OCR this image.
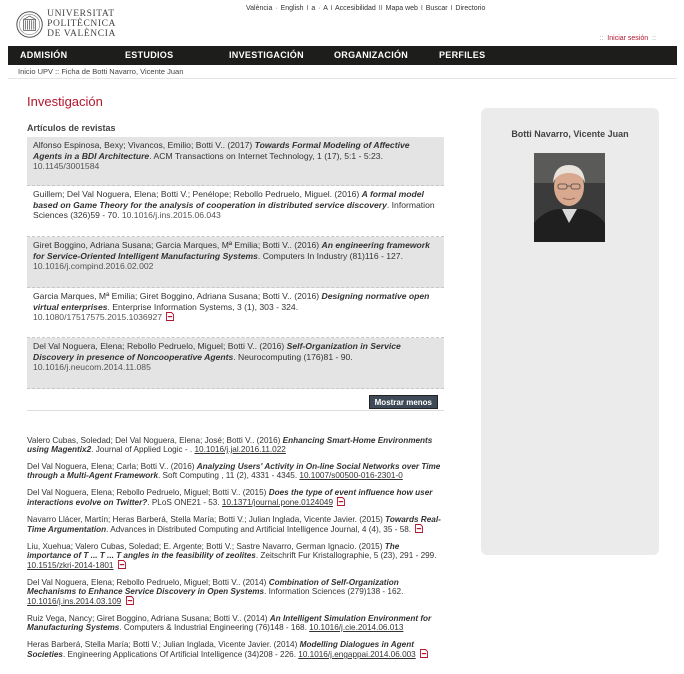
UNIVERSITAT
POLITÈCNICA
DE VALÈNCIA
València · English I a · A I Accesibilidad II Mapa web I Buscar I Directorio
:: Iniciar sesión ::
ADMISIÓN	ESTUDIOS	INVESTIGACIÓN	ORGANIZACIÓN	PERFILES
Inicio UPV :: Ficha de Botti Navarro, Vicente Juan
Investigación
Artículos de revistas
Alfonso Espinosa, Bexy; Vivancos, Emilio; Botti V.. (2017) Towards Formal Modeling of Affective Agents in a BDI Architecture. ACM Transactions on Internet Technology, 1 (17), 5:1 - 5:23.
10.1145/3001584
Guillem; Del Val Noguera, Elena; Botti V.; Penélope; Rebollo Pedruelo, Miguel. (2016) A formal model based on Game Theory for the analysis of cooperation in distributed service discovery. Information Sciences (326)59 - 70. 10.1016/j.ins.2015.06.043
Giret Boggino, Adriana Susana; Garcia Marques, Mª Emilia; Botti V.. (2016) An engineering framework for Service-Oriented Intelligent Manufacturing Systems. Computers In Industry (81)116 - 127. 10.1016/j.compind.2016.02.002
Garcia Marques, Mª Emilia; Giret Boggino, Adriana Susana; Botti V.. (2016) Designing normative open virtual enterprises. Enterprise Information Systems, 3 (1), 303 - 324.
10.1080/17517575.2015.1036927
Del Val Noguera, Elena; Rebollo Pedruelo, Miguel; Botti V.. (2016) Self-Organization in Service Discovery in presence of Noncooperative Agents. Neurocomputing (176)81 - 90.
10.1016/j.neucom.2014.11.085
Mostrar menos
Valero Cubas, Soledad; Del Val Noguera, Elena; José; Botti V.. (2016) Enhancing Smart-Home Environments using Magentix2. Journal of Applied Logic - . 10.1016/j.jal.2016.11.022
Del Val Noguera, Elena; Carla; Botti V.. (2016) Analyzing Users' Activity in On-line Social Networks over Time through a Multi-Agent Framework. Soft Computing , 11 (2), 4331 - 4345. 10.1007/s00500-016-2301-0
Del Val Noguera, Elena; Rebollo Pedruelo, Miguel; Botti V.. (2015) Does the type of event influence how user interactions evolve on Twitter?. PLoS ONE21 - 53. 10.1371/journal.pone.0124049
Navarro Llácer, Martín; Heras Barberá, Stella María; Botti V.; Julian Inglada, Vicente Javier. (2015) Towards Real-Time Argumentation. Advances in Distributed Computing and Artificial Intelligence Journal, 4 (4), 35 - 58.
Liu, Xuehua; Valero Cubas, Soledad; E. Argente; Botti V.; Sastre Navarro, German Ignacio. (2015) The importance of T ... T ... T angles in the feasibility of zeolites. Zeitschrift Fur Kristallographie, 5 (23), 291 - 299. 10.1515/zkri-2014-1801
Del Val Noguera, Elena; Rebollo Pedruelo, Miguel; Botti V.. (2014) Combination of Self-Organization Mechanisms to Enhance Service Discovery in Open Systems. Information Sciences (279)138 - 162. 10.1016/j.ins.2014.03.109
Ruiz Vega, Nancy; Giret Boggino, Adriana Susana; Botti V.. (2014) An Intelligent Simulation Environment for Manufacturing Systems. Computers & Industrial Engineering (76)148 - 168. 10.1016/j.cie.2014.06.013
Heras Barberá, Stella María; Botti V.; Julian Inglada, Vicente Javier. (2014) Modelling Dialogues in Agent Societies. Engineering Applications Of Artificial Intelligence (34)208 - 226. 10.1016/j.engappai.2014.06.003
Botti Navarro, Vicente Juan
